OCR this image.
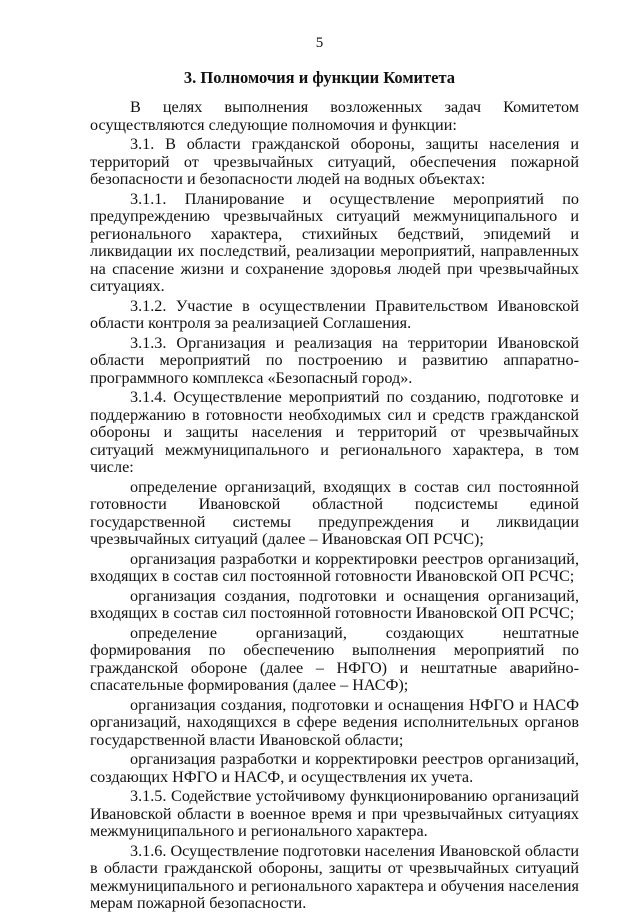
5
3. Полномочия и функции Комитета

В целях выполнения возложенных задач Комитетом осуществляются следующие полномочия и функции:

3.1. В области гражданской обороны, защиты населения и территорий от чрезвычайных ситуаций, обеспечения пожарной безопасности и безопасности людей на водных объектах:

3.1.1. Планирование и осуществление мероприятий по предупреждению чрезвычайных ситуаций межмуниципального и регионального характера, стихийных бедствий, эпидемий и ликвидации их последствий, реализации мероприятий, направленных на спасение жизни и сохранение здоровья людей при чрезвычайных ситуациях.

3.1.2. Участие в осуществлении Правительством Ивановской области контроля за реализацией Соглашения.

3.1.3. Организация и реализация на территории Ивановской области мероприятий по построению и развитию аппаратно-программного комплекса «Безопасный город».

3.1.4. Осуществление мероприятий по созданию, подготовке и поддержанию в готовности необходимых сил и средств гражданской обороны и защиты населения и территорий от чрезвычайных ситуаций межмуниципального и регионального характера, в том числе:

определение организаций, входящих в состав сил постоянной готовности Ивановской областной подсистемы единой государственной системы предупреждения и ликвидации чрезвычайных ситуаций (далее – Ивановская ОП РСЧС);

организация разработки и корректировки реестров организаций, входящих в состав сил постоянной готовности Ивановской ОП РСЧС;

организация создания, подготовки и оснащения организаций, входящих в состав сил постоянной готовности Ивановской ОП РСЧС;

определение организаций, создающих нештатные формирования по обеспечению выполнения мероприятий по гражданской обороне (далее – НФГО) и нештатные аварийно-спасательные формирования (далее – НАСФ);

организация создания, подготовки и оснащения НФГО и НАСФ организаций, находящихся в сфере ведения исполнительных органов государственной власти Ивановской области;

организация разработки и корректировки реестров организаций, создающих НФГО и НАСФ, и осуществления их учета.

3.1.5. Содействие устойчивому функционированию организаций Ивановской области в военное время и при чрезвычайных ситуациях межмуниципального и регионального характера.

3.1.6. Осуществление подготовки населения Ивановской области в области гражданской обороны, защиты от чрезвычайных ситуаций межмуниципального и регионального характера и обучения населения мерам пожарной безопасности.
